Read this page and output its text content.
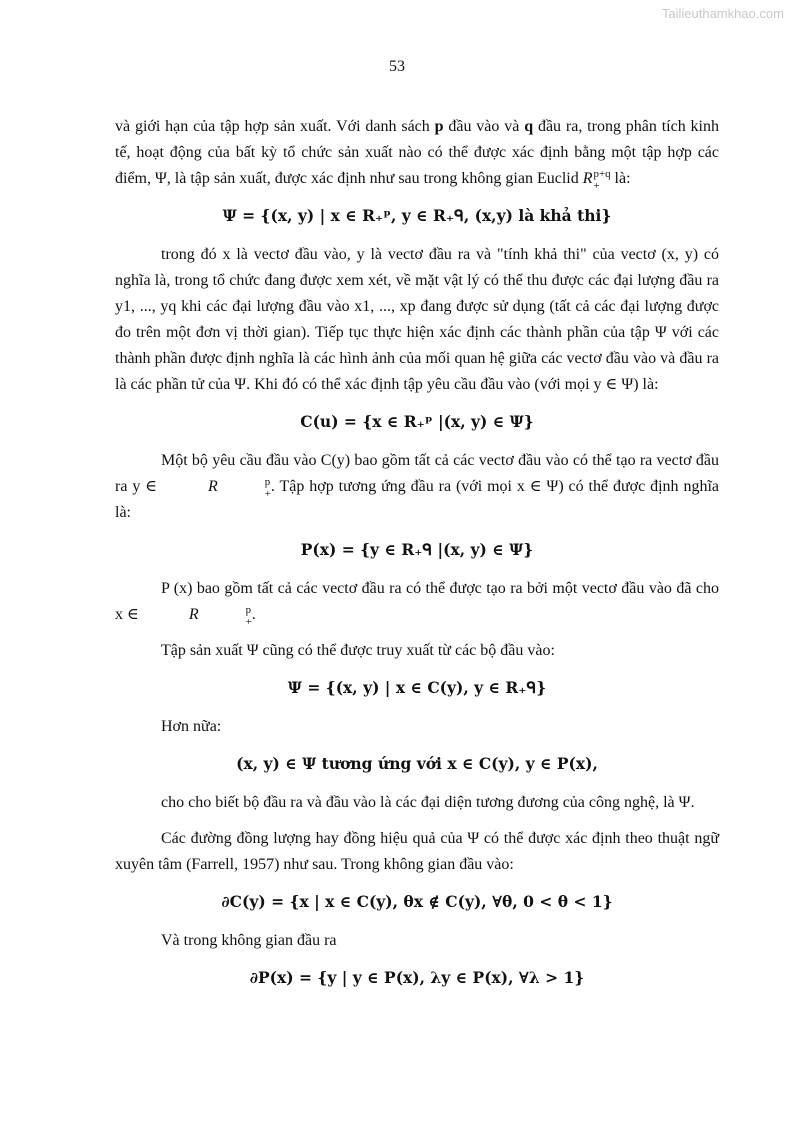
Tailieuthamkhao.com
53

và giới hạn của tập hợp sản xuất. Với danh sách p đầu vào và q đầu ra, trong phân tích kinh tế, hoạt động của bất kỳ tổ chức sản xuất nào có thể được xác định bằng một tập hợp các điểm, Ψ, là tập sản xuất, được xác định như sau trong không gian Euclid R p+q
+ là:

Ψ = {(x, y) | x ∈ R₊ᵖ, y ∈ R₊ᑫ, (x,y) là khả thi}

trong đó x là vectơ đầu vào, y là vectơ đầu ra và "tính khả thi" của vectơ (x, y) có nghĩa là, trong tổ chức đang được xem xét, về mặt vật lý có thể thu được các đại lượng đầu ra y1, ..., yq khi các đại lượng đầu vào x1, ..., xp đang được sử dụng (tất cả các đại lượng được đo trên một đơn vị thời gian). Tiếp tục thực hiện xác định các thành phần của tập Ψ với các thành phần được định nghĩa là các hình ảnh của mối quan hệ giữa các vectơ đầu vào và đầu ra là các phần tử của Ψ. Khi đó có thể xác định tập yêu cầu đầu vào (với mọi y ∈ Ψ) là:

C(u) = {x ∈ R₊ᵖ |(x, y) ∈ Ψ}

Một bộ yêu cầu đầu vào C(y) bao gồm tất cả các vectơ đầu vào có thể tạo ra vectơ đầu ra y ∈	R	p
+ . Tập hợp tương ứng đầu ra (với mọi x ∈ Ψ) có thể được định nghĩa là:

P(x) = {y ∈ R₊ᑫ |(x, y) ∈ Ψ}

P (x) bao gồm tất cả các vectơ đầu ra có thể được tạo ra bởi một vectơ đầu vào đã cho x ∈	R	p
+ .

Tập sản xuất Ψ cũng có thể được truy xuất từ các bộ đầu vào:

Ψ = {(x, y) | x ∈ C(y), y ∈ R₊ᑫ}

Hơn nữa:

(x, y) ∈ Ψ tương ứng với x ∈ C(y), y ∈ P(x),

cho cho biết bộ đầu ra và đầu vào là các đại diện tương đương của công nghệ, là Ψ.

Các đường đồng lượng hay đồng hiệu quả của Ψ có thể được xác định theo thuật ngữ xuyên tâm (Farrell, 1957) như sau. Trong không gian đầu vào:

∂C(y) = {x | x ∈ C(y), θx ∉ C(y), ∀θ, 0 < θ < 1}

Và trong không gian đầu ra

∂P(x) = {y | y ∈ P(x), λy ∈ P(x), ∀λ > 1}
